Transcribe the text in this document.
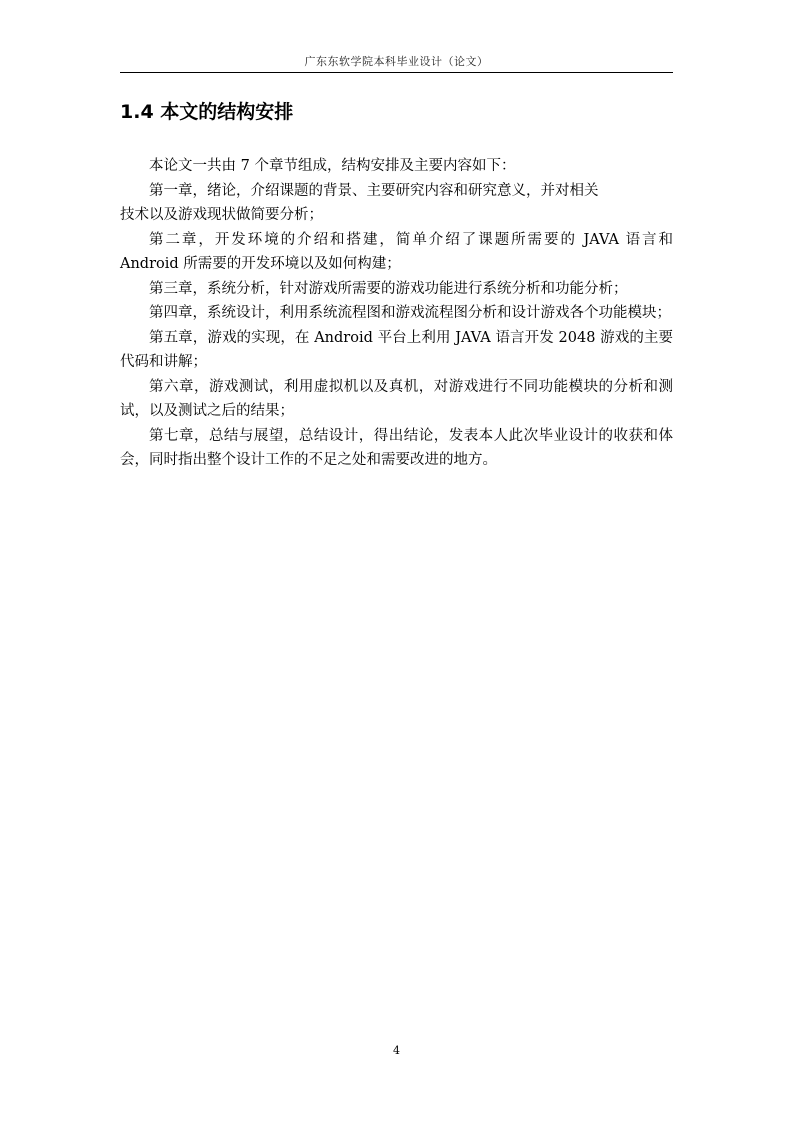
广东东软学院本科毕业设计（论文）
1.4 本文的结构安排

本论文一共由 7 个章节组成，结构安排及主要内容如下：

第一章，绪论，介绍课题的背景、主要研究内容和研究意义，并对相关

技术以及游戏现状做简要分析；

第二章，开发环境的介绍和搭建，简单介绍了课题所需要的 JAVA 语言和 Android 所需要的开发环境以及如何构建；

第三章，系统分析，针对游戏所需要的游戏功能进行系统分析和功能分析；

第四章，系统设计，利用系统流程图和游戏流程图分析和设计游戏各个功能模块；

第五章，游戏的实现，在 Android 平台上利用 JAVA 语言开发 2048 游戏的主要代码和讲解；

第六章，游戏测试，利用虚拟机以及真机，对游戏进行不同功能模块的分析和测试，以及测试之后的结果；

第七章，总结与展望，总结设计，得出结论，发表本人此次毕业设计的收获和体会，同时指出整个设计工作的不足之处和需要改进的地方。

4
